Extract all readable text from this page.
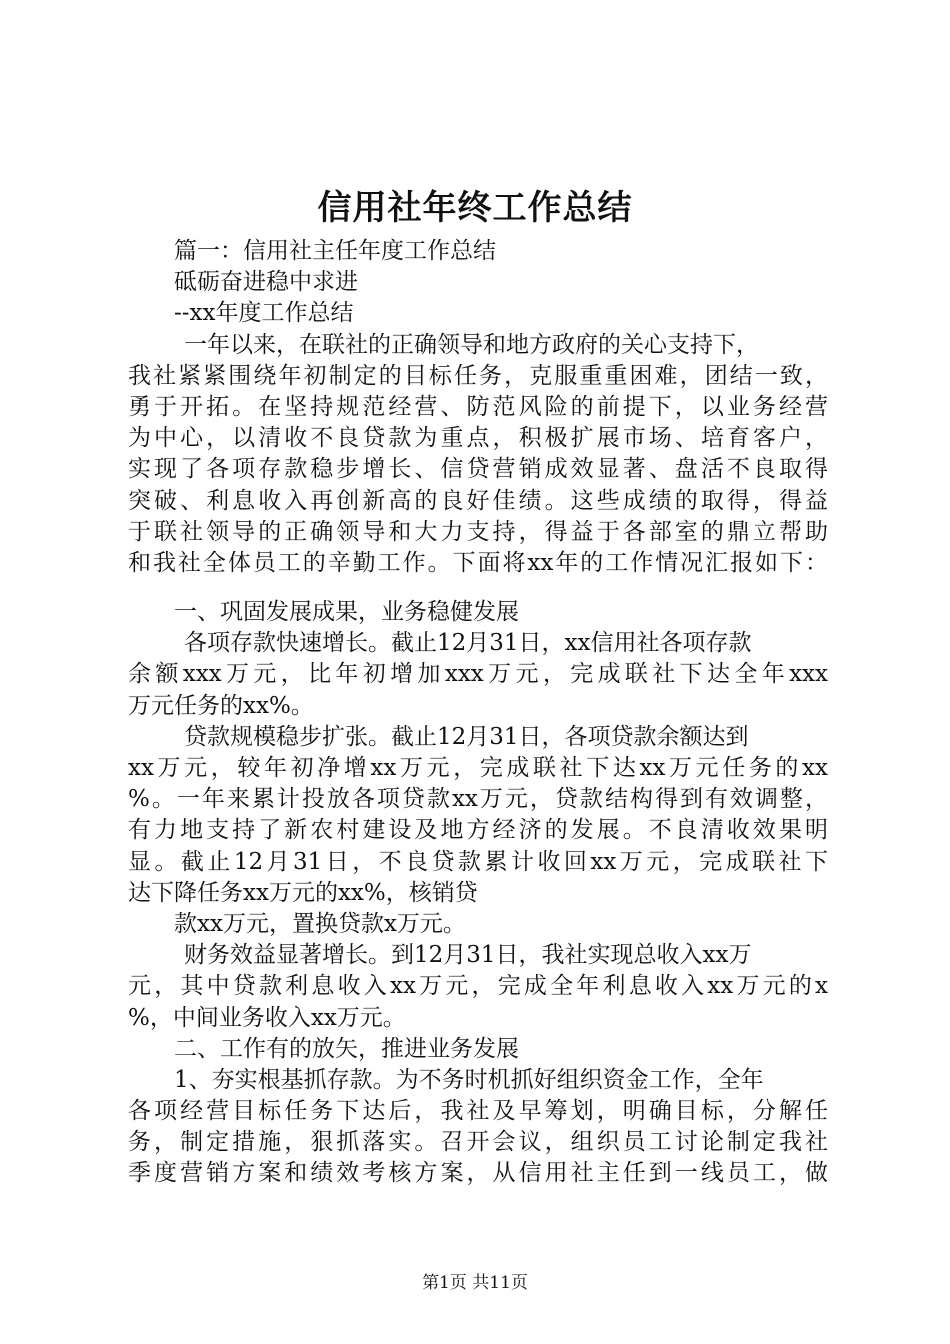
信用社年终工作总结
篇一：信用社主任年度工作总结
砥砺奋进稳中求进
--xx年度工作总结
一年以来，在联社的正确领导和地方政府的关心支持下，
我社紧紧围绕年初制定的目标任务，克服重重困难，团结一致，
勇于开拓。在坚持规范经营、防范风险的前提下，以业务经营
为中心，以清收不良贷款为重点，积极扩展市场、培育客户，
实现了各项存款稳步增长、信贷营销成效显著、盘活不良取得
突破、利息收入再创新高的良好佳绩。这些成绩的取得，得益
于联社领导的正确领导和大力支持，得益于各部室的鼎立帮助
和我社全体员工的辛勤工作。下面将xx年的工作情况汇报如下：
一、巩固发展成果，业务稳健发展
各项存款快速增长。截止12月31日，xx信用社各项存款
余额xxx万元，比年初增加xxx万元，完成联社下达全年xxx
万元任务的xx%。
贷款规模稳步扩张。截止12月31日，各项贷款余额达到
xx万元，较年初净增xx万元，完成联社下达xx万元任务的xx
%。一年来累计投放各项贷款xx万元，贷款结构得到有效调整，
有力地支持了新农村建设及地方经济的发展。不良清收效果明
显。截止12月31日，不良贷款累计收回xx万元，完成联社下
达下降任务xx万元的xx%，核销贷
款xx万元，置换贷款x万元。
财务效益显著增长。到12月31日，我社实现总收入xx万
元，其中贷款利息收入xx万元，完成全年利息收入xx万元的x
%，中间业务收入xx万元。
二、工作有的放矢，推进业务发展
1、夯实根基抓存款。为不务时机抓好组织资金工作，全年
各项经营目标任务下达后，我社及早筹划，明确目标，分解任
务，制定措施，狠抓落实。召开会议，组织员工讨论制定我社
季度营销方案和绩效考核方案，从信用社主任到一线员工，做
第1页 共11页
